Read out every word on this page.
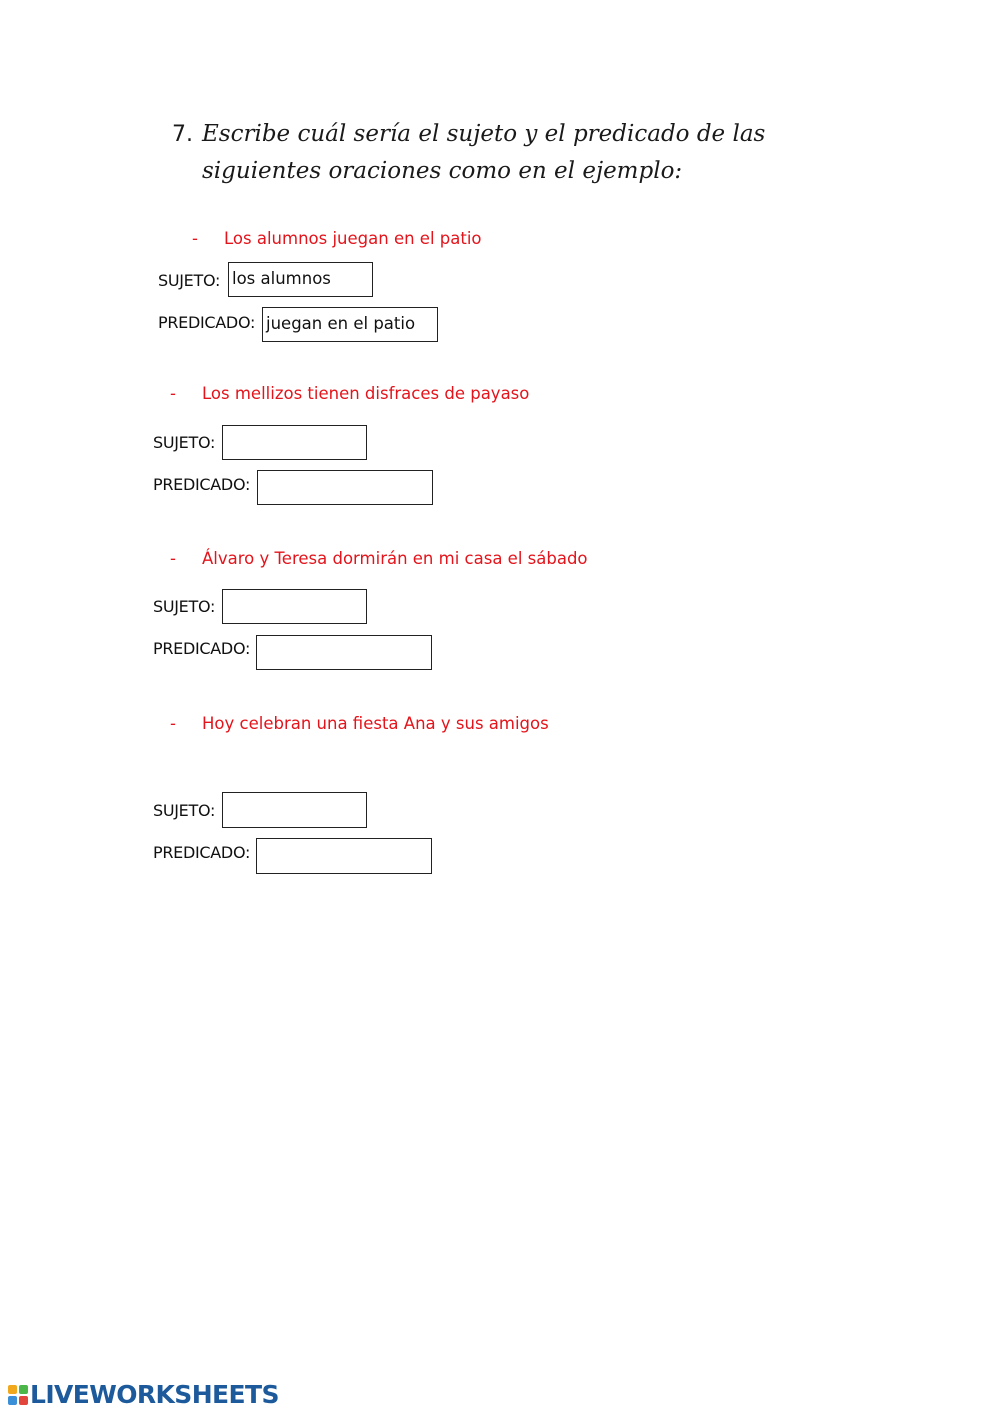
7. Escribe cuál sería el sujeto y el predicado de las siguientes oraciones como en el ejemplo:
- Los alumnos juegan en el patio
SUJETO: los alumnos
PREDICADO: juegan en el patio
- Los mellizos tienen disfraces de payaso
SUJETO:
PREDICADO:
- Álvaro y Teresa dormirán en mi casa el sábado
SUJETO:
PREDICADO:
- Hoy celebran una fiesta Ana y sus amigos
SUJETO:
PREDICADO:
LIVEWORKSHEETS
